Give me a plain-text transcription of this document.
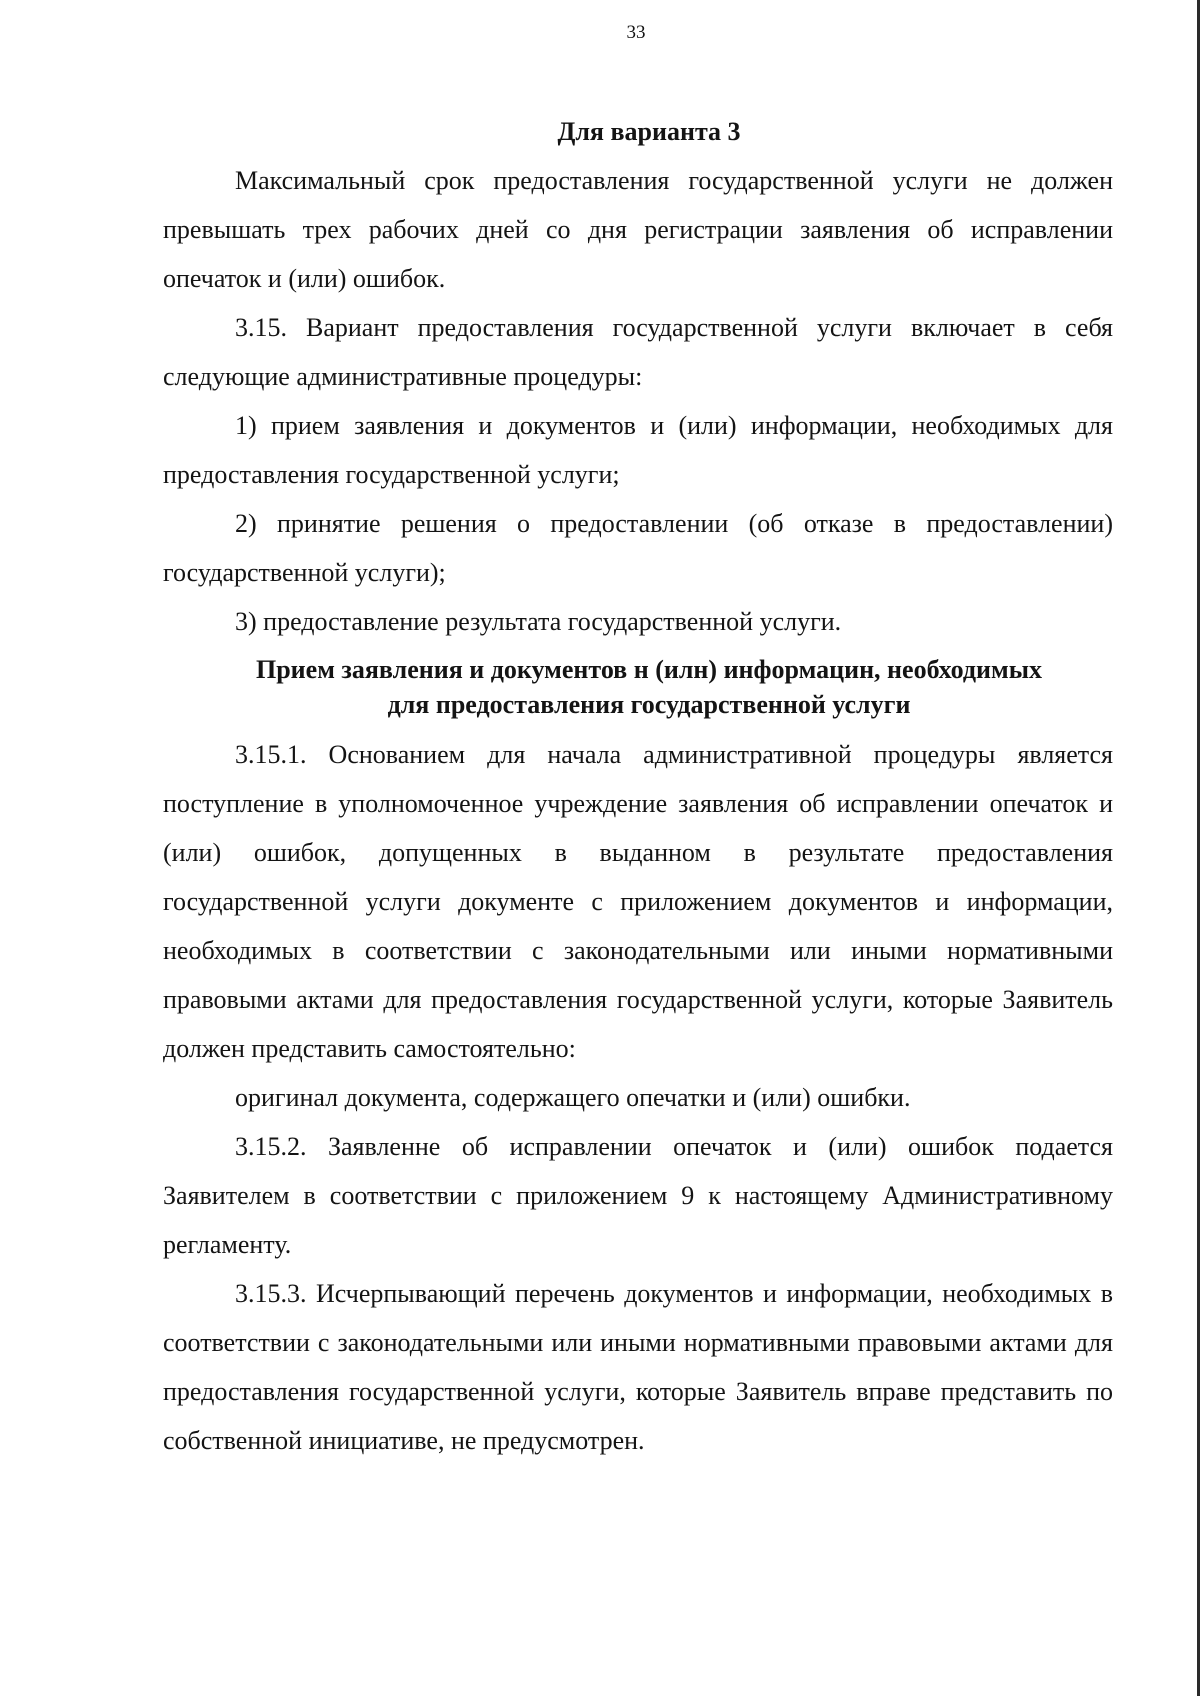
33

Для варианта 3

Максимальный срок предоставления государственной услуги не должен превышать трех рабочих дней со дня регистрации заявления об исправлении опечаток и (или) ошибок.

3.15. Вариант предоставления государственной услуги включает в себя следующие административные процедуры:

1) прием заявления и документов и (или) информации, необходимых для предоставления государственной услуги;

2) принятие решения о предоставлении (об отказе в предоставлении) государственной услуги);

3) предоставление результата государственной услуги.

Прием заявления и документов н (илн) информацин, необходимых
для предоставления государственной услуги

3.15.1. Основанием для начала административной процедуры является поступление в уполномоченное учреждение заявления об исправлении опечаток и (или) ошибок, допущенных в выданном в результате предоставления государственной услуги документе с приложением документов и информации, необходимых в соответствии с законодательными или иными нормативными правовыми актами для предоставления государственной услуги, которые Заявитель должен представить самостоятельно:

оригинал документа, содержащего опечатки и (или) ошибки.

3.15.2. Заявленне об исправлении опечаток и (или) ошибок подается Заявителем в соответствии с приложением 9 к настоящему Административному регламенту.

3.15.3. Исчерпывающий перечень документов и информации, необходимых в соответствии с законодательными или иными нормативными правовыми актами для предоставления государственной услуги, которые Заявитель вправе представить по собственной инициативе, не предусмотрен.
